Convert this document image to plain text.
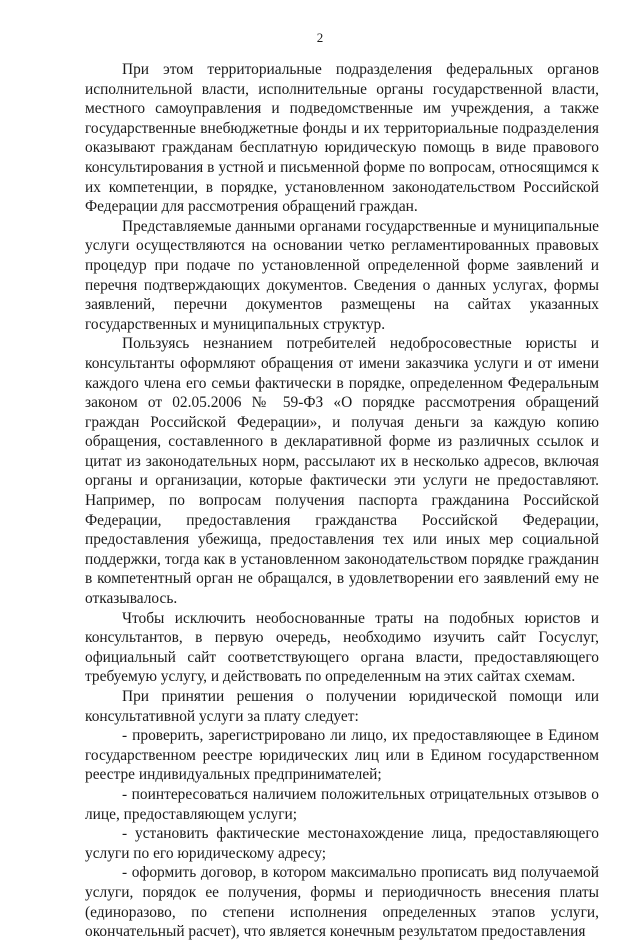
2

При этом территориальные подразделения федеральных органов исполнительной власти, исполнительные органы государственной власти, местного самоуправления и подведомственные им учреждения, а также государственные внебюджетные фонды и их территориальные подразделения оказывают гражданам бесплатную юридическую помощь в виде правового консультирования в устной и письменной форме по вопросам, относящимся к их компетенции, в порядке, установленном законодательством Российской Федерации для рассмотрения обращений граждан.

Представляемые данными органами государственные и муниципальные услуги осуществляются на основании четко регламентированных правовых процедур при подаче по установленной определенной форме заявлений и перечня подтверждающих документов. Сведения о данных услугах, формы заявлений, перечни документов размещены на сайтах указанных государственных и муниципальных структур.

Пользуясь незнанием потребителей недобросовестные юристы и консультанты оформляют обращения от имени заказчика услуги и от имени каждого члена его семьи фактически в порядке, определенном Федеральным законом от 02.05.2006 № 59-ФЗ «О порядке рассмотрения обращений граждан Российской Федерации», и получая деньги за каждую копию обращения, составленного в декларативной форме из различных ссылок и цитат из законодательных норм, рассылают их в несколько адресов, включая органы и организации, которые фактически эти услуги не предоставляют. Например, по вопросам получения паспорта гражданина Российской Федерации, предоставления гражданства Российской Федерации, предоставления убежища, предоставления тех или иных мер социальной поддержки, тогда как в установленном законодательством порядке гражданин в компетентный орган не обращался, в удовлетворении его заявлений ему не отказывалось.

Чтобы исключить необоснованные траты на подобных юристов и консультантов, в первую очередь, необходимо изучить сайт Госуслуг, официальный сайт соответствующего органа власти, предоставляющего требуемую услугу, и действовать по определенным на этих сайтах схемам.

При принятии решения о получении юридической помощи или консультативной услуги за плату следует:

- проверить, зарегистрировано ли лицо, их предоставляющее в Едином государственном реестре юридических лиц или в Едином государственном реестре индивидуальных предпринимателей;

- поинтересоваться наличием положительных отрицательных отзывов о лице, предоставляющем услуги;

- установить фактические местонахождение лица, предоставляющего услуги по его юридическому адресу;

- оформить договор, в котором максимально прописать вид получаемой услуги, порядок ее получения, формы и периодичность внесения платы (единоразово, по степени исполнения определенных этапов услуги, окончательный расчет), что является конечным результатом предоставления
